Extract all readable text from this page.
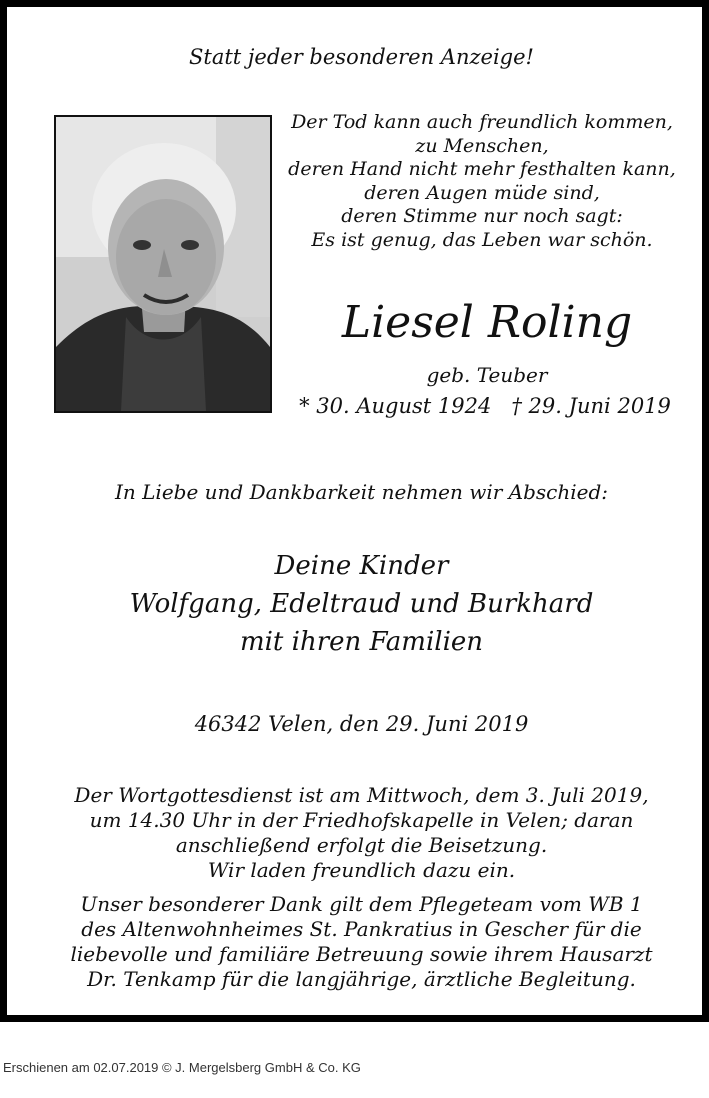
Statt jeder besonderen Anzeige!
Der Tod kann auch freundlich kommen,
zu Menschen,
deren Hand nicht mehr festhalten kann,
deren Augen müde sind,
deren Stimme nur noch sagt:
Es ist genug, das Leben war schön.
Liesel Roling
geb. Teuber
* 30. August 1924   † 29. Juni 2019
In Liebe und Dankbarkeit nehmen wir Abschied:
Deine Kinder
Wolfgang, Edeltraud und Burkhard
mit ihren Familien
46342 Velen, den 29. Juni 2019
Der Wortgottesdienst ist am Mittwoch, dem 3. Juli 2019,
um 14.30 Uhr in der Friedhofskapelle in Velen; daran
anschließend erfolgt die Beisetzung.
Wir laden freundlich dazu ein.
Unser besonderer Dank gilt dem Pflegeteam vom WB 1
des Altenwohnheimes St. Pankratius in Gescher für die
liebevolle und familiäre Betreuung sowie ihrem Hausarzt
Dr. Tenkamp für die langjährige, ärztliche Begleitung.
Erschienen am 02.07.2019 © J. Mergelsberg GmbH & Co. KG
